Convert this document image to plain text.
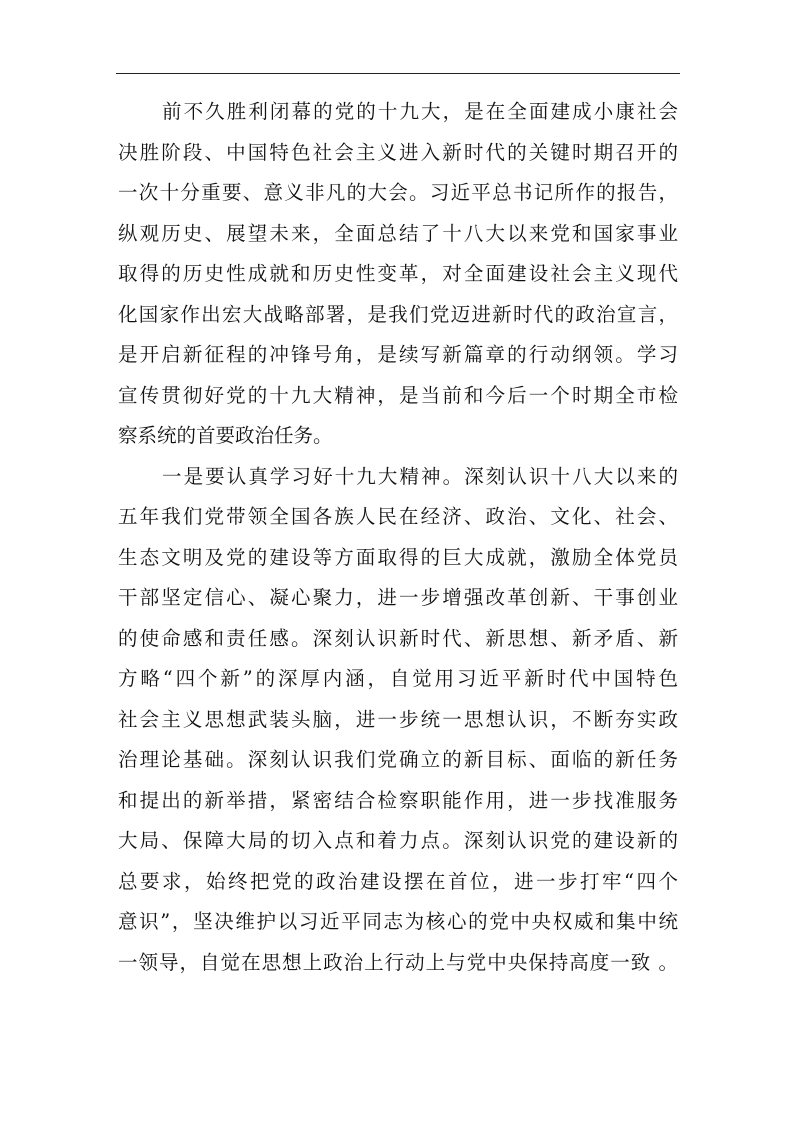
前不久胜利闭幕的党的十九大，是在全面建成小康社会
决胜阶段、中国特色社会主义进入新时代的关键时期召开的
一次十分重要、意义非凡的大会。习近平总书记所作的报告，
纵观历史、展望未来，全面总结了十八大以来党和国家事业
取得的历史性成就和历史性变革，对全面建设社会主义现代
化国家作出宏大战略部署，是我们党迈进新时代的政治宣言，
是开启新征程的冲锋号角，是续写新篇章的行动纲领。学习
宣传贯彻好党的十九大精神，是当前和今后一个时期全市检
察系统的首要政治任务。
一是要认真学习好十九大精神。深刻认识十八大以来的
五年我们党带领全国各族人民在经济、政治、文化、社会、
生态文明及党的建设等方面取得的巨大成就，激励全体党员
干部坚定信心、凝心聚力，进一步增强改革创新、干事创业
的使命感和责任感。深刻认识新时代、新思想、新矛盾、新
方略“四个新”的深厚内涵，自觉用习近平新时代中国特色
社会主义思想武装头脑，进一步统一思想认识，不断夯实政
治理论基础。深刻认识我们党确立的新目标、面临的新任务
和提出的新举措，紧密结合检察职能作用，进一步找准服务
大局、保障大局的切入点和着力点。深刻认识党的建设新的
总要求，始终把党的政治建设摆在首位，进一步打牢“四个
意识”，坚决维护以习近平同志为核心的党中央权威和集中统
一领导，自觉在思想上政治上行动上与党中央保持高度一致 。
